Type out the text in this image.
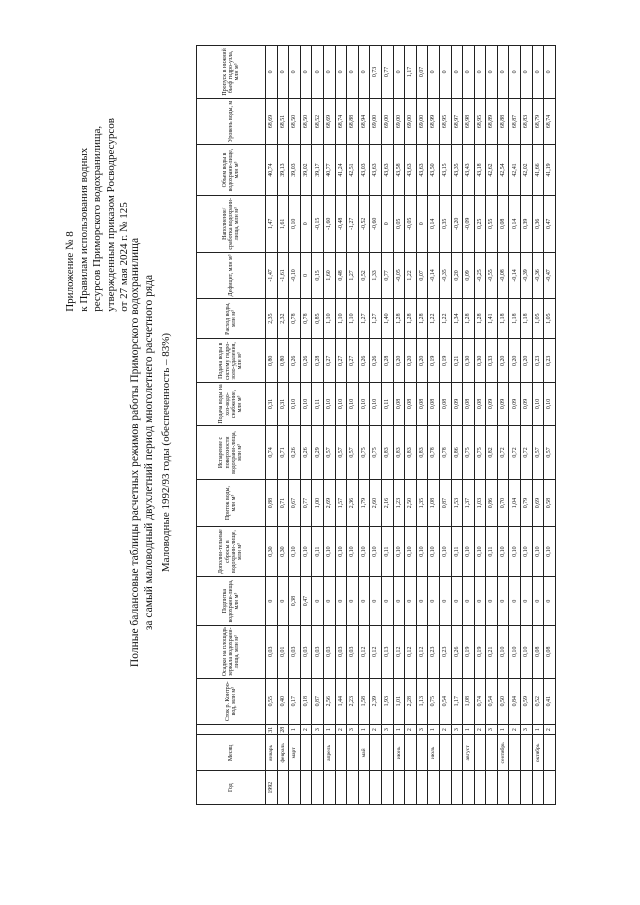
Приложение № 8 к Правилам использования водных ресурсов Приморского водохранилища, утвержденным приказом Росводресурсов от 27 мая 2024 г. № 125 Полные балансовые таблицы расчетных режимов работы Приморского водохранилища за самый маловодный двухлетний период многолетнего расчетного ряда Маловодные 1992/93 годы (обеспеченность – 83%)
Год	Месяц		Сток р. Контро-вод, млн м³	Осадки на площадь зеркала водохрани-лища, млн м³	Подпитка водохрани-лища, млн м³	Дополни-тельные сбросы в водохрани-лище, млн м³	Приток воды, млн м³	Испарение с поверхности водохрани-лища, млн м³	Подача воды на хоз-водо-снабжение, млн м³	Подача воды в систему гидро-золо-удаления, млн м³	Расход воды, млн м³	Дефицит, млн м³	Наполнение/ сработка водохрани-лища, млн м³	Объем воды в водохрани-лище, млн м³	Уровень воды, м	Пропуск в нижний бьеф гидро-узла, млн м³
1992	январь	31	0,55	0,03	0	0,30	0,88	0,74	0,31	0,80	2,35	-1,47	1,47	40,74	68,69	0
	февраль	28	0,40	0,01	0	0,30	0,71	0,71	0,31	0,80	2,32	-1,61	1,61	39,13	68,51	0
	март	1	0,17	0,03	0,38	0,10	0,67	0,26	0,10	0,26	0,78	-0,10	0,10	39,03	68,50	0
		2	0,18	0,03	0,47	0,10	0,77	0,26	0,10	0,26	0,78	0	0	39,02	68,50	0
		3	0,87	0,03	0	0,11	1,00	0,29	0,11	0,28	0,85	0,15	-0,15	39,17	68,52	0
	апрель	1	2,56	0,03	0	0,10	2,69	0,57	0,10	0,27	1,10	1,60	-1,60	40,77	68,69	0
		2	1,44	0,03	0	0,10	1,57	0,57	0,10	0,27	1,10	0,48	-0,48	41,24	68,74	0
		3	2,23	0,03	0	0,10	2,36	0,57	0,10	0,27	1,10	1,27	-1,27	42,51	68,88	0
	май	1	1,58	0,12	0	0,10	1,79	0,75	0,10	0,26	1,27	0,52	-0,52	43,03	68,94	0
		2	2,39	0,12	0	0,10	2,60	0,75	0,10	0,26	1,27	1,33	-0,60	43,63	69,00	0,73
		3	1,93	0,13	0	0,11	2,16	0,83	0,11	0,28	1,40	0,77	0	43,63	69,00	0,77
	июнь	1	1,01	0,12	0	0,10	1,23	0,83	0,08	0,20	1,28	-0,05	0,05	43,58	69,00	0
		2	2,28	0,12	0	0,10	2,50	0,83	0,08	0,20	1,28	1,22	-0,05	43,63	69,00	1,17
		3	1,13	0,12	0	0,10	1,35	0,83	0,08	0,20	1,28	0,07	0	43,63	69,00	0,07
	июль	1	0,75	0,23	0	0,10	1,08	0,78	0,08	0,19	1,22	-0,14	0,14	43,50	68,99	0
		2	0,54	0,23	0	0,10	0,87	0,78	0,08	0,19	1,22	-0,35	0,35	43,15	68,95	0
		3	1,17	0,26	0	0,11	1,53	0,86	0,09	0,21	1,34	0,20	-0,20	43,35	68,97	0
	август	1	1,08	0,19	0	0,10	1,37	0,75	0,08	0,30	1,28	0,09	-0,09	43,43	68,98	0
		2	0,74	0,19	0	0,10	1,03	0,75	0,08	0,30	1,28	-0,25	0,25	43,18	68,95	0
		3	0,54	0,21	0	0,11	0,86	0,82	0,09	0,33	1,41	-0,55	0,55	42,62	68,89	0
	сентябрь	1	0,50	0,10	0	0,10	0,70	0,72	0,09	0,20	1,18	-0,08	0,08	42,54	68,88	0
		2	0,84	0,10	0	0,10	1,04	0,72	0,09	0,20	1,18	-0,14	0,14	42,41	68,87	0
		3	0,59	0,10	0	0,10	0,79	0,72	0,09	0,20	1,18	-0,39	0,39	42,02	68,83	0
	октябрь	1	0,52	0,08	0	0,10	0,69	0,57	0,10	0,23	1,05	-0,36	0,36	41,66	68,79	0
		2	0,41	0,08	0	0,10	0,58	0,57	0,10	0,23	1,05	-0,47	0,47	41,19	68,74	0
